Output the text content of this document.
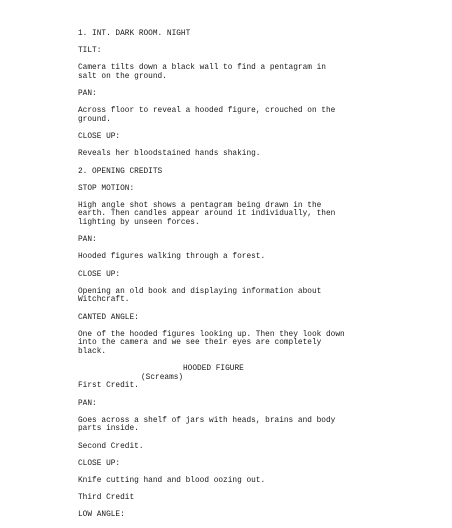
1. INT. DARK ROOM. NIGHT
TILT:
Camera tilts down a black wall to find a pentagram in
salt on the ground.
PAN:
Across floor to reveal a hooded figure, crouched on the
ground.
CLOSE UP:
Reveals her bloodstained hands shaking.
2. OPENING CREDITS
STOP MOTION:
High angle shot shows a pentagram being drawn in the
earth. Then candles appear around it individually, then
lighting by unseen forces.
PAN:
Hooded figures walking through a forest.
CLOSE UP:
Opening an old book and displaying information about
Witchcraft.
CANTED ANGLE:
One of the hooded figures looking up. Then they look down
into the camera and we see their eyes are completely
black.
HOODED FIGURE
(Screams)
First Credit.
PAN:
Goes across a shelf of jars with heads, brains and body
parts inside.
Second Credit.
CLOSE UP:
Knife cutting hand and blood oozing out.
Third Credit
LOW ANGLE:
